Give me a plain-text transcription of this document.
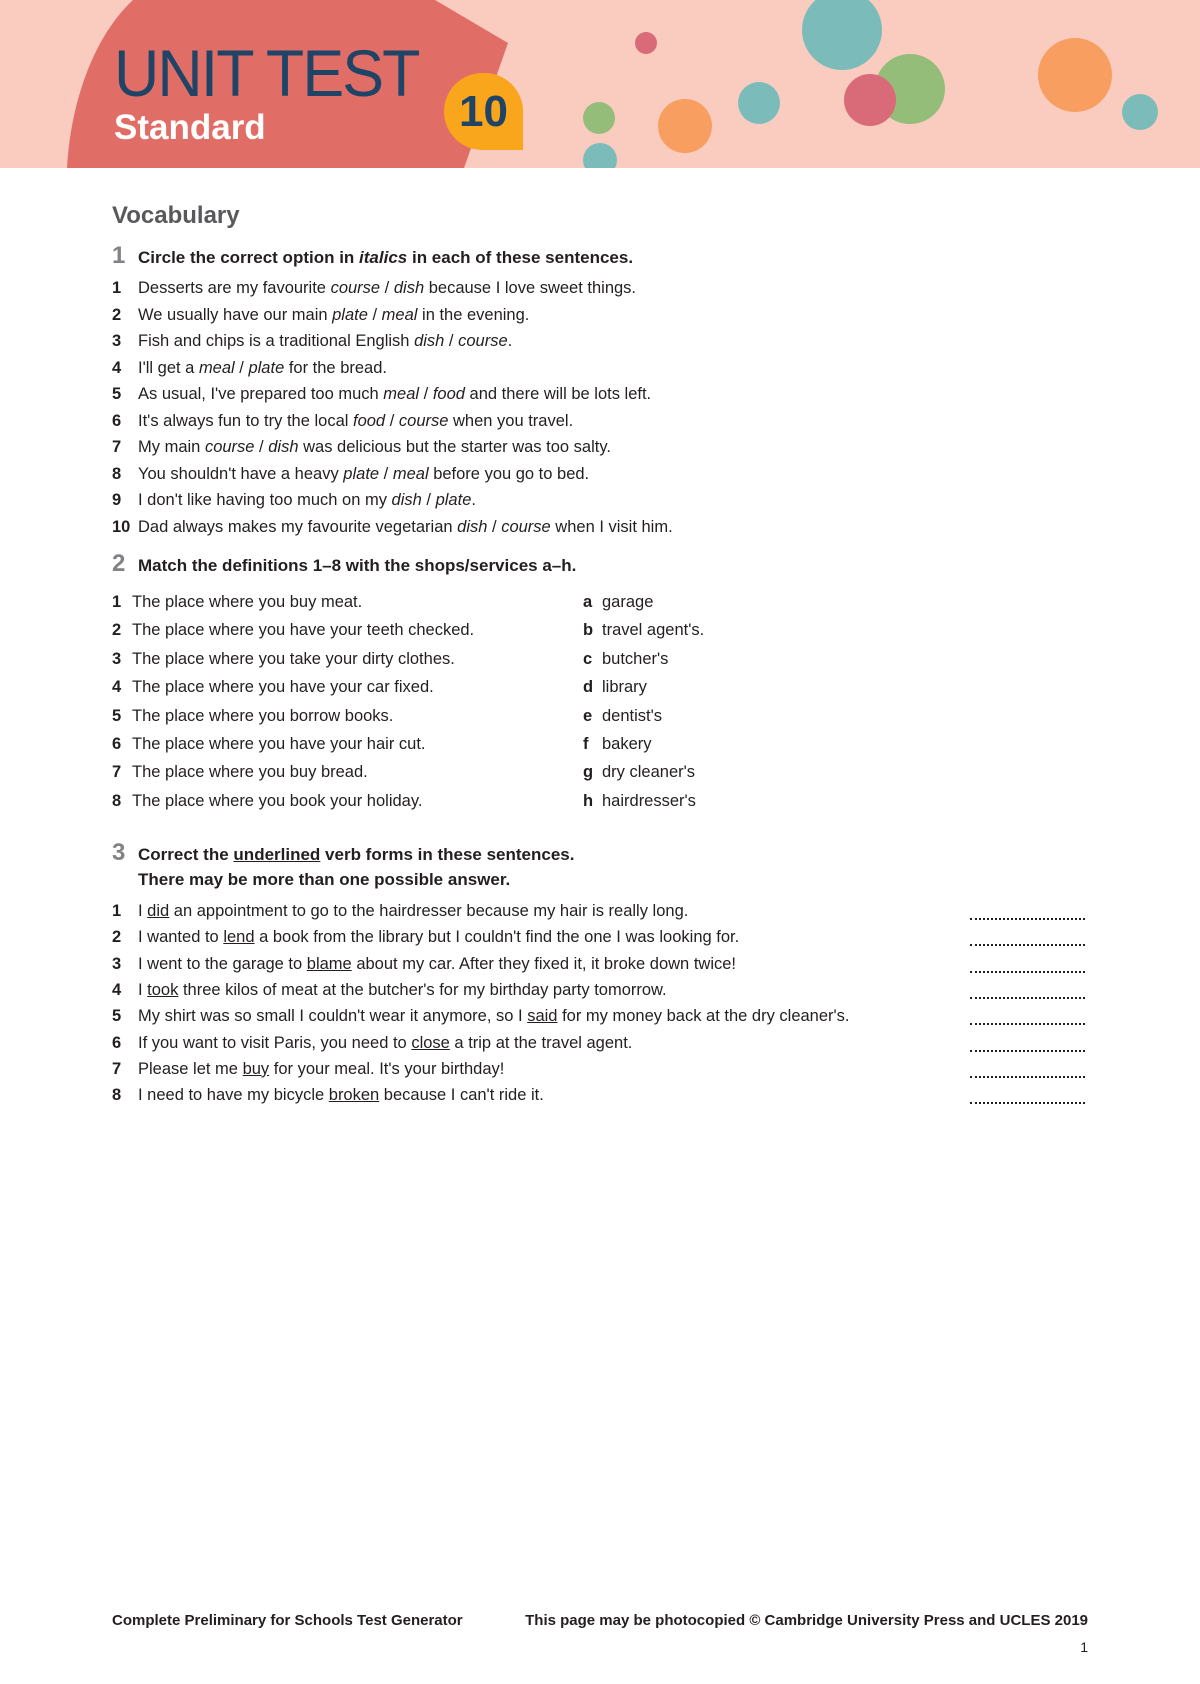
UNIT TEST
Standard	10
Vocabulary
1 Circle the correct option in italics in each of these sentences.
1 Desserts are my favourite course / dish because I love sweet things.
2 We usually have our main plate / meal in the evening.
3 Fish and chips is a traditional English dish / course.
4 I'll get a meal / plate for the bread.
5 As usual, I've prepared too much meal / food and there will be lots left.
6 It's always fun to try the local food / course when you travel.
7 My main course / dish was delicious but the starter was too salty.
8 You shouldn't have a heavy plate / meal before you go to bed.
9 I don't like having too much on my dish / plate.
10 Dad always makes my favourite vegetarian dish / course when I visit him.
2 Match the definitions 1–8 with the shops/services a–h.
1 The place where you buy meat.
2 The place where you have your teeth checked.
3 The place where you take your dirty clothes.
4 The place where you have your car fixed.
5 The place where you borrow books.
6 The place where you have your hair cut.
7 The place where you buy bread.
8 The place where you book your holiday.
a garage
b travel agent's.
c butcher's
d library
e dentist's
f bakery
g dry cleaner's
h hairdresser's
3 Correct the underlined verb forms in these sentences.
There may be more than one possible answer.
1 I did an appointment to go to the hairdresser because my hair is really long.
2 I wanted to lend a book from the library but I couldn't find the one I was looking for.
3 I went to the garage to blame about my car. After they fixed it, it broke down twice!
4 I took three kilos of meat at the butcher's for my birthday party tomorrow.
5 My shirt was so small I couldn't wear it anymore, so I said for my money back at the dry cleaner's.
6 If you want to visit Paris, you need to close a trip at the travel agent.
7 Please let me buy for your meal. It's your birthday!
8 I need to have my bicycle broken because I can't ride it.
Complete Preliminary for Schools Test Generator	This page may be photocopied © Cambridge University Press and UCLES 2019
1
